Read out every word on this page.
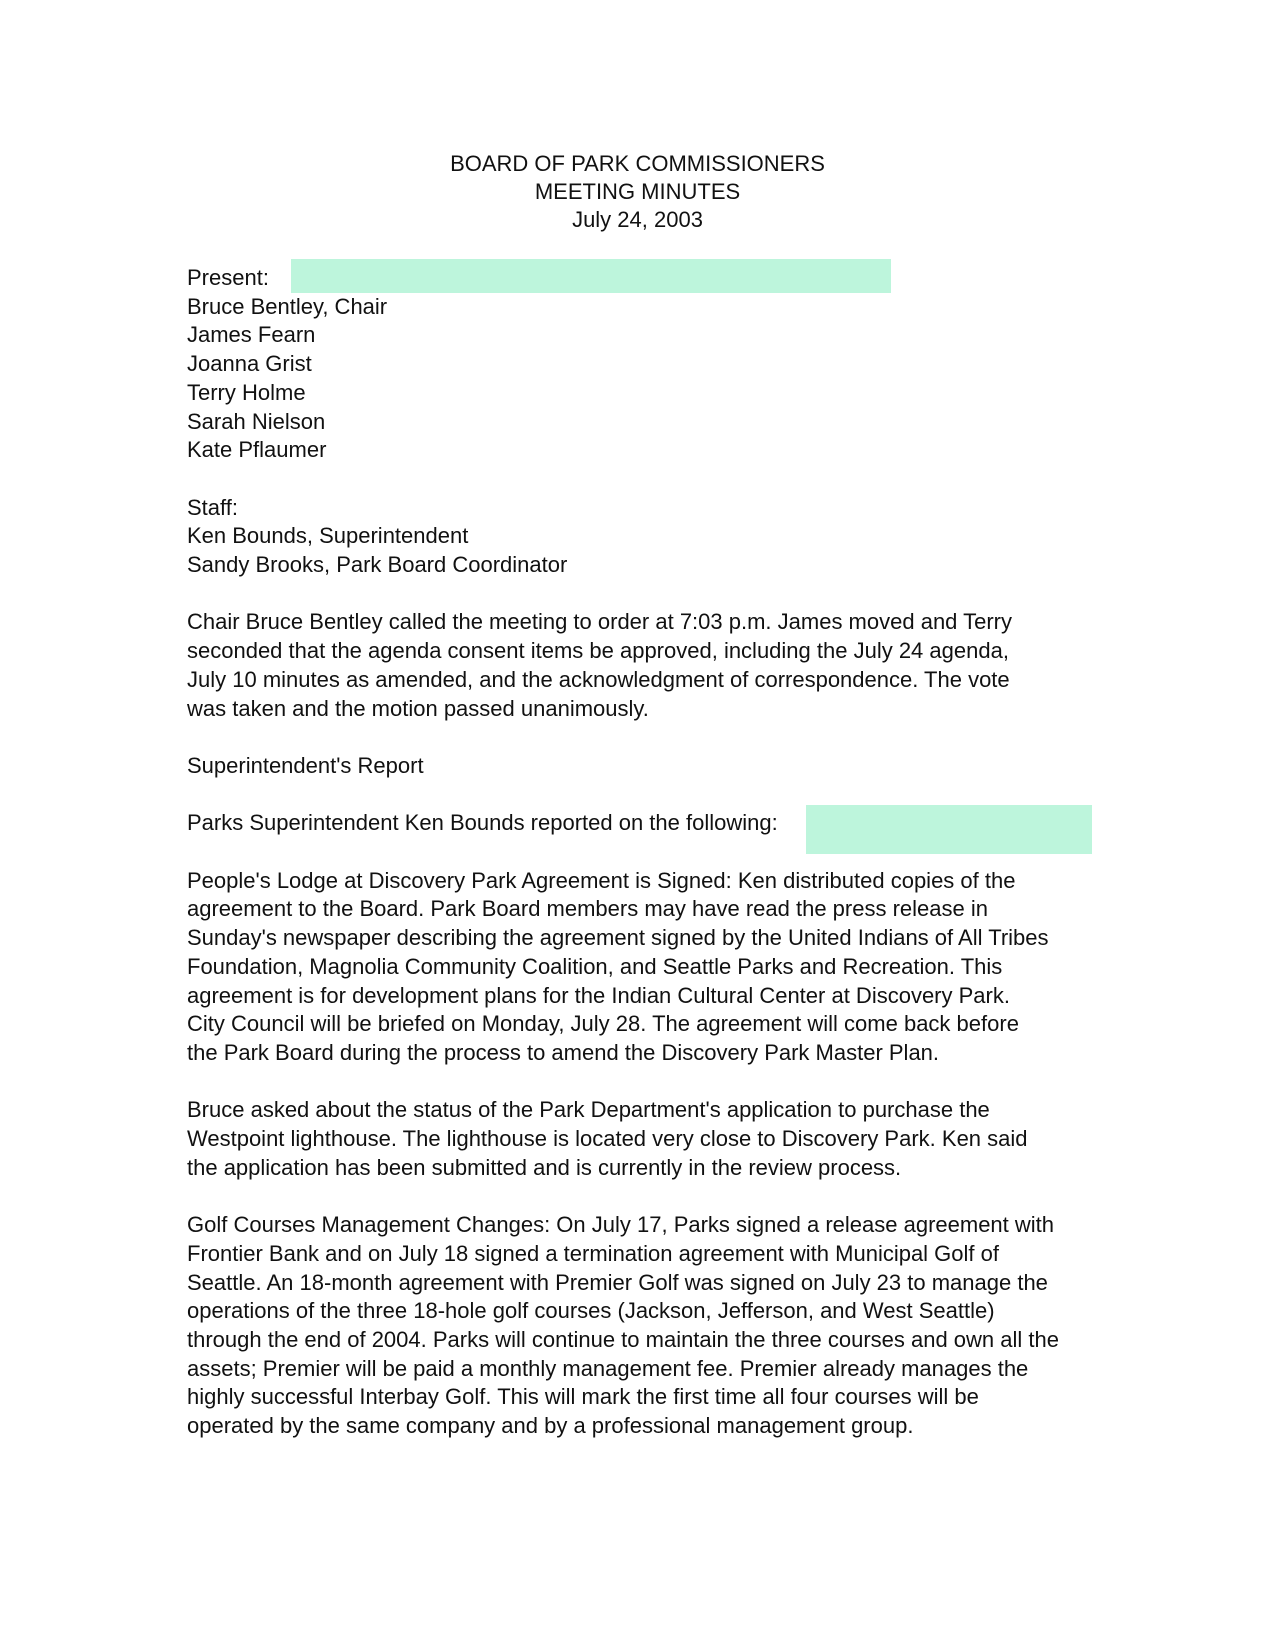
BOARD OF PARK COMMISSIONERS
MEETING MINUTES
July 24, 2003
Present:
Bruce Bentley, Chair
James Fearn
Joanna Grist
Terry Holme
Sarah Nielson
Kate Pflaumer
Staff:
Ken Bounds, Superintendent
Sandy Brooks, Park Board Coordinator
Chair Bruce Bentley called the meeting to order at 7:03 p.m. James moved and Terry
seconded that the agenda consent items be approved, including the July 24 agenda,
July 10 minutes as amended, and the acknowledgment of correspondence. The vote
was taken and the motion passed unanimously.
Superintendent's Report
Parks Superintendent Ken Bounds reported on the following:
People's Lodge at Discovery Park Agreement is Signed: Ken distributed copies of the
agreement to the Board. Park Board members may have read the press release in
Sunday's newspaper describing the agreement signed by the United Indians of All Tribes
Foundation, Magnolia Community Coalition, and Seattle Parks and Recreation. This
agreement is for development plans for the Indian Cultural Center at Discovery Park.
City Council will be briefed on Monday, July 28. The agreement will come back before
the Park Board during the process to amend the Discovery Park Master Plan.
Bruce asked about the status of the Park Department's application to purchase the
Westpoint lighthouse. The lighthouse is located very close to Discovery Park. Ken said
the application has been submitted and is currently in the review process.
Golf Courses Management Changes: On July 17, Parks signed a release agreement with
Frontier Bank and on July 18 signed a termination agreement with Municipal Golf of
Seattle. An 18-month agreement with Premier Golf was signed on July 23 to manage the
operations of the three 18-hole golf courses (Jackson, Jefferson, and West Seattle)
through the end of 2004. Parks will continue to maintain the three courses and own all the
assets; Premier will be paid a monthly management fee. Premier already manages the
highly successful Interbay Golf. This will mark the first time all four courses will be
operated by the same company and by a professional management group.
